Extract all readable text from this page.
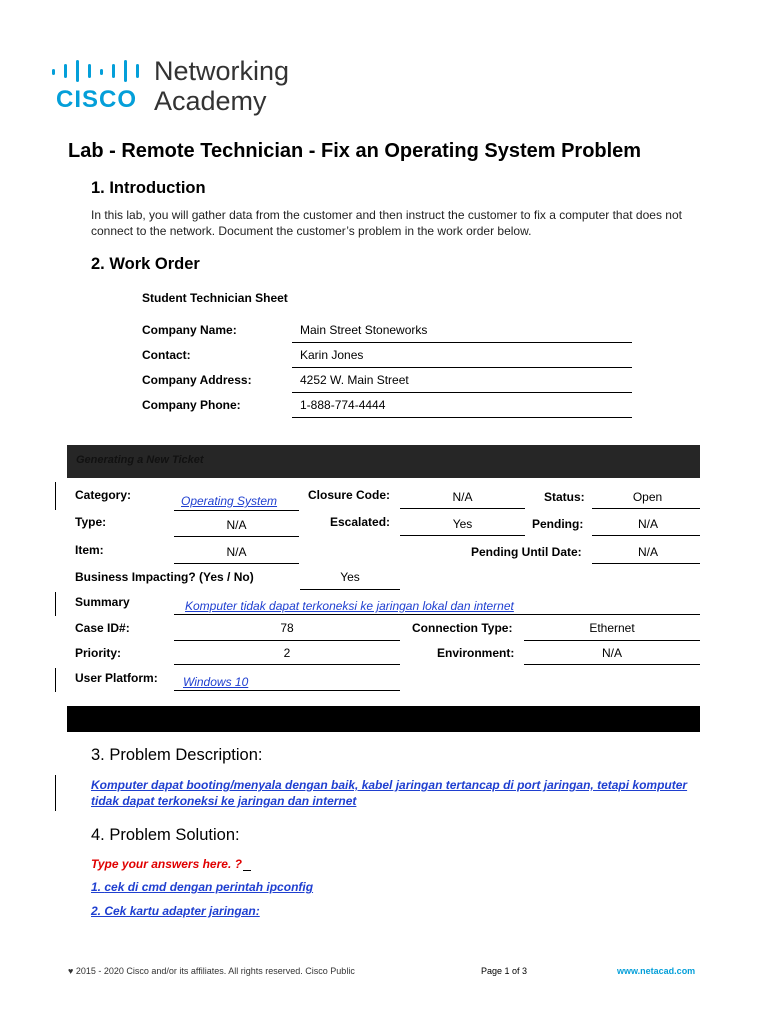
CISCO
Networking
Academy
Lab - Remote Technician - Fix an Operating System Problem
1. Introduction
In this lab, you will gather data from the customer and then instruct the customer to fix a computer that does not connect to the network. Document the customer’s problem in the work order below.
2. Work Order
Student Technician Sheet
Company Name:	Main Street Stoneworks
Contact:	Karin Jones
Company Address:	4252 W. Main Street
Company Phone:	1-888-774-4444
Generating a New Ticket
Category:	Operating System	Closure Code:	N/A	Status:	Open
Type:	N/A	Escalated:	Yes	Pending:	N/A
Item:	N/A	Pending Until Date:	N/A
Business Impacting? (Yes / No)	Yes
Summary	Komputer tidak dapat terkoneksi ke jaringan lokal dan internet
Case ID#:	78	Connection Type:	Ethernet
Priority:	2	Environment:	N/A
User Platform: Windows 10
3. Problem Description:
Komputer dapat booting/menyala dengan baik, kabel jaringan tertancap di port jaringan, tetapi komputer tidak dapat terkoneksi ke jaringan dan internet
4. Problem Solution:
Type your answers here. ?
1. cek di cmd dengan perintah ipconfig
2. Cek kartu adapter jaringan:
♥ 2015 - 2020 Cisco and/or its affiliates. All rights reserved. Cisco Public	Page 1 of 3	www.netacad.com
